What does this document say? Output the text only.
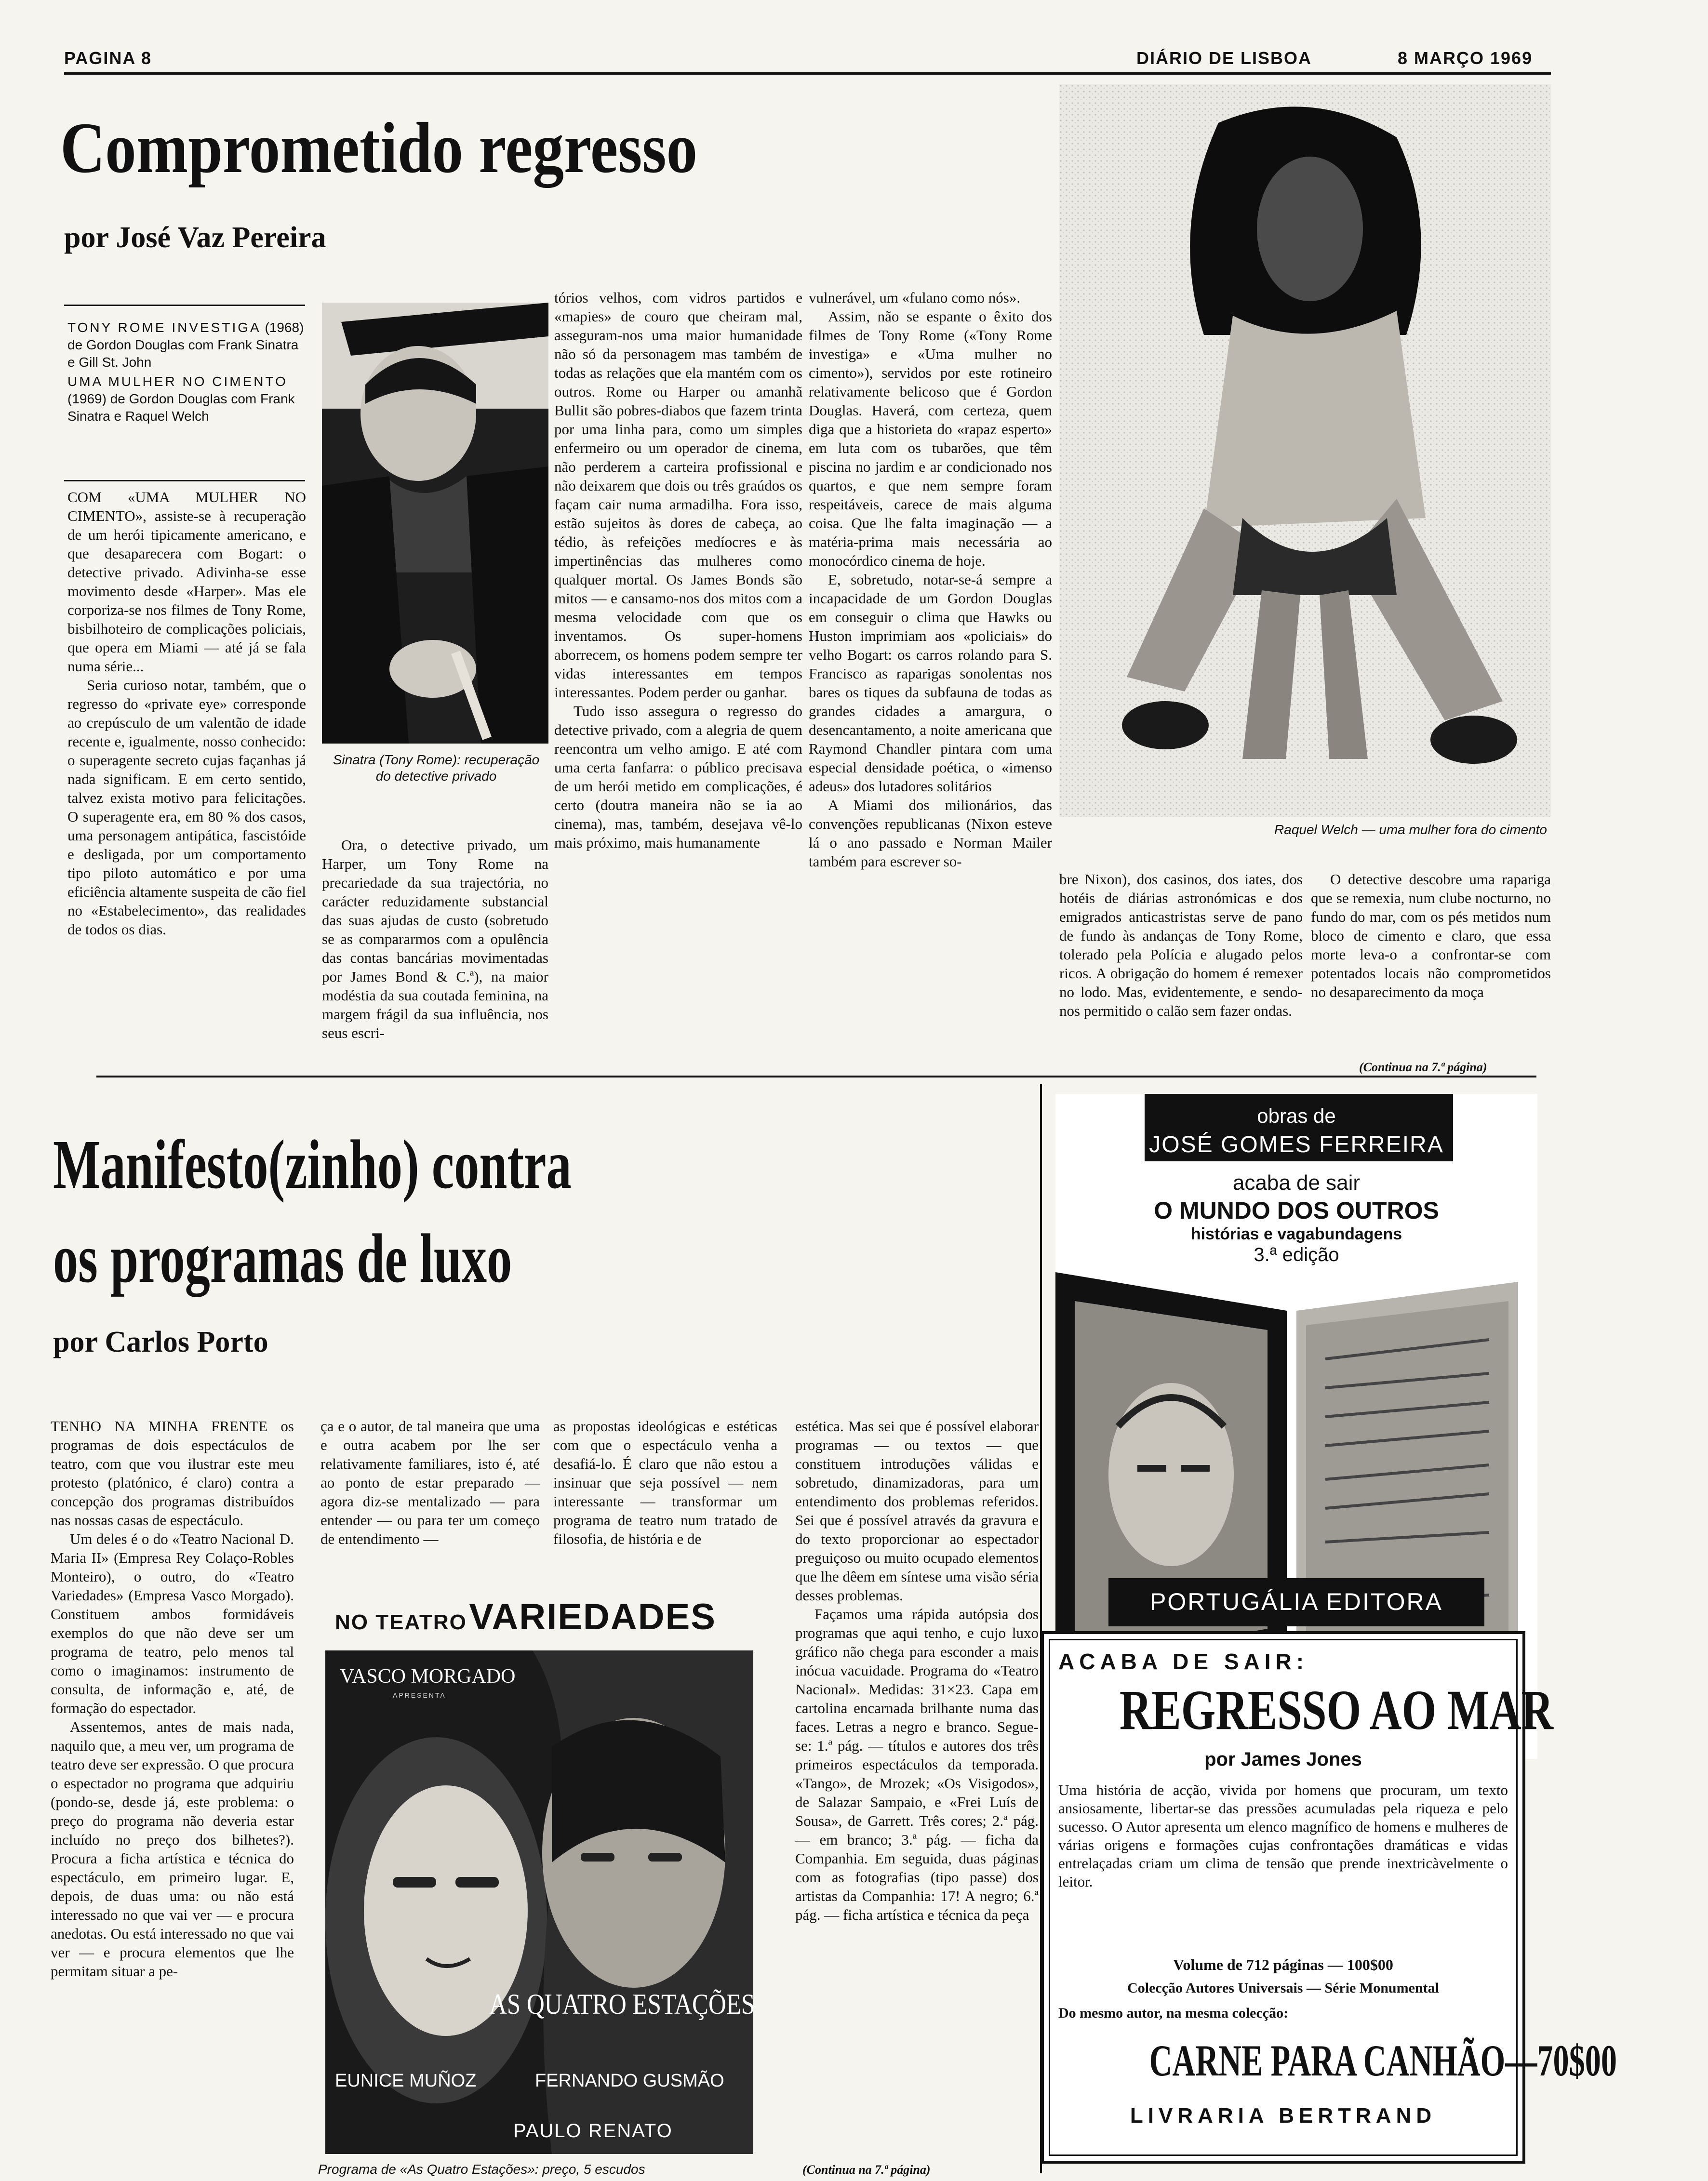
PAGINA 8	DIÁRIO DE LISBOA	8 MARÇO 1969
Comprometido regresso
por José Vaz Pereira
TONY ROME INVESTIGA (1968) de Gordon Douglas com Frank Sinatra e Gill St. John
UMA MULHER NO CIMENTO (1969) de Gordon Douglas com Frank Sinatra e Raquel Welch

COM «UMA MULHER NO CIMENTO», assiste-se à recuperação de um herói tipicamente americano, e que desaparecera com Bogart: o detective privado. Adivinha-se esse movimento desde «Harper». Mas ele corporiza-se nos filmes de Tony Rome, bisbilhoteiro de complicações policiais, que opera em Miami — até já se fala numa série...

Seria curioso notar, também, que o regresso do «private eye» corresponde ao crepúsculo de um valentão de idade recente e, igualmente, nosso conhecido: o superagente secreto cujas façanhas já nada significam. E em certo sentido, talvez exista motivo para felicitações. O superagente era, em 80 % dos casos, uma personagem antipática, fascistóide e desligada, por um comportamento tipo piloto automático e por uma eficiência altamente suspeita de cão fiel no «Estabelecimento», das realidades de todos os dias.

Sinatra (Tony Rome): recuperação do detective privado

Ora, o detective privado, um Harper, um Tony Rome na precariedade da sua trajectória, no carácter reduzidamente substancial das suas ajudas de custo (sobretudo se as compararmos com a opulência das contas bancárias movimentadas por James Bond & C.ª), na maior modéstia da sua coutada feminina, na margem frágil da sua influência, nos seus escri-

tórios velhos, com vidros partidos e «mapies» de couro que cheiram mal, asseguram-nos uma maior humanidade não só da personagem mas também de todas as relações que ela mantém com os outros. Rome ou Harper ou amanhã Bullit são pobres-diabos que fazem trinta por uma linha para, como um simples enfermeiro ou um operador de cinema, não perderem a carteira profissional e não deixarem que dois ou três graúdos os façam cair numa armadilha. Fora isso, estão sujeitos às dores de cabeça, ao tédio, às refeições medíocres e às impertinências das mulheres como qualquer mortal. Os James Bonds são mitos — e cansamo-nos dos mitos com a mesma velocidade com que os inventamos. Os super-homens aborrecem, os homens podem sempre ter vidas interessantes em tempos interessantes. Podem perder ou ganhar.

Tudo isso assegura o regresso do detective privado, com a alegria de quem reencontra um velho amigo. E até com uma certa fanfarra: o público precisava de um herói metido em complicações, é certo (doutra maneira não se ia ao cinema), mas, também, desejava vê-lo mais próximo, mais humanamente

vulnerável, um «fulano como nós».

Assim, não se espante o êxito dos filmes de Tony Rome («Tony Rome investiga» e «Uma mulher no cimento»), servidos por este rotineiro relativamente belicoso que é Gordon Douglas. Haverá, com certeza, quem diga que a historieta do «rapaz esperto» em luta com os tubarões, que têm piscina no jardim e ar condicionado nos quartos, e que nem sempre foram respeitáveis, carece de mais alguma coisa. Que lhe falta imaginação — a matéria-prima mais necessária ao monocórdico cinema de hoje.

E, sobretudo, notar-se-á sempre a incapacidade de um Gordon Douglas em conseguir o clima que Hawks ou Huston imprimiam aos «policiais» do velho Bogart: os carros rolando para S. Francisco as raparigas sonolentas nos bares os tiques da subfauna de todas as grandes cidades a amargura, o desencantamento, a noite americana que Raymond Chandler pintara com uma especial densidade poética, o «imenso adeus» dos lutadores solitários

A Miami dos milionários, das convenções republicanas (Nixon esteve lá o ano passado e Norman Mailer também para escrever so-

Raquel Welch — uma mulher fora do cimento

bre Nixon), dos casinos, dos iates, dos hotéis de diárias astronómicas e dos emigrados anticastristas serve de pano de fundo às andanças de Tony Rome, tolerado pela Polícia e alugado pelos ricos. A obrigação do homem é remexer no lodo. Mas, evidentemente, e sendo-nos permitido o calão sem fazer ondas.

O detective descobre uma rapariga que se remexia, num clube nocturno, no fundo do mar, com os pés metidos num bloco de cimento e claro, que essa morte leva-o a confrontar-se com potentados locais não comprometidos no desaparecimento da moça

(Continua na 7.ª página)
Manifesto(zinho) contra
os programas de luxo
por Carlos Porto

TENHO NA MINHA FRENTE os programas de dois espectáculos de teatro, com que vou ilustrar este meu protesto (platónico, é claro) contra a concepção dos programas distribuídos nas nossas casas de espectáculo.

Um deles é o do «Teatro Nacional D. Maria II» (Empresa Rey Colaço-Robles Monteiro), o outro, do «Teatro Variedades» (Empresa Vasco Morgado). Constituem ambos formidáveis exemplos do que não deve ser um programa de teatro, pelo menos tal como o imaginamos: instrumento de consulta, de informação e, até, de formação do espectador.

Assentemos, antes de mais nada, naquilo que, a meu ver, um programa de teatro deve ser expressão. O que procura o espectador no programa que adquiriu (pondo-se, desde já, este problema: o preço do programa não deveria estar incluído no preço dos bilhetes?). Procura a ficha artística e técnica do espectáculo, em primeiro lugar. E, depois, de duas uma: ou não está interessado no que vai ver — e procura anedotas. Ou está interessado no que vai ver — e procura elementos que lhe permitam situar a pe-

ça e o autor, de tal maneira que uma e outra acabem por lhe ser relativamente familiares, isto é, até ao ponto de estar preparado — agora diz-se mentalizado — para entender — ou para ter um começo de entendimento —

as propostas ideológicas e estéticas com que o espectáculo venha a desafiá-lo. É claro que não estou a insinuar que seja possível — nem interessante — transformar um programa de teatro num tratado de filosofia, de história e de

NO TEATRO VARIEDADES
VASCO MORGADO
APRESENTA
AS QUATRO ESTAÇÕES
EUNICE MUÑOZ	FERNANDO GUSMÃO
PAULO RENATO
Programa de «As Quatro Estações»: preço, 5 escudos

estética. Mas sei que é possível elaborar programas — ou textos — que constituem introduções válidas e sobretudo, dinamizadoras, para um entendimento dos problemas referidos. Sei que é possível através da gravura e do texto proporcionar ao espectador preguiçoso ou muito ocupado elementos que lhe dêem em síntese uma visão séria desses problemas.

Façamos uma rápida autópsia dos programas que aqui tenho, e cujo luxo gráfico não chega para esconder a mais inócua vacuidade. Programa do «Teatro Nacional». Medidas: 31×23. Capa em cartolina encarnada brilhante numa das faces. Letras a negro e branco. Segue-se: 1.ª pág. — títulos e autores dos três primeiros espectáculos da temporada. «Tango», de Mrozek; «Os Visigodos», de Salazar Sampaio, e «Frei Luís de Sousa», de Garrett. Três cores; 2.ª pág. — em branco; 3.ª pág. — ficha da Companhia. Em seguida, duas páginas com as fotografias (tipo passe) dos artistas da Companhia: 17! A negro; 6.ª pág. — ficha artística e técnica da peça

(Continua na 7.ª página)
obras de
JOSÉ GOMES FERREIRA
acaba de sair
O MUNDO DOS OUTROS
histórias e vagabundagens
3.ª edição
PORTUGÁLIA EDITORA
ACABA DE SAIR:
REGRESSO AO MAR
por James Jones
Uma história de acção, vivida por homens que procuram, um texto ansiosamente, libertar-se das pressões acumuladas pela riqueza e pelo sucesso. O Autor apresenta um elenco magnífico de homens e mulheres de várias origens e formações cujas confrontações dramáticas e vidas entrelaçadas criam um clima de tensão que prende inextricàvelmente o leitor.
Volume de 712 páginas — 100$00
Colecção Autores Universais — Série Monumental
Do mesmo autor, na mesma colecção:
CARNE PARA CANHÃO—70$00
LIVRARIA BERTRAND
